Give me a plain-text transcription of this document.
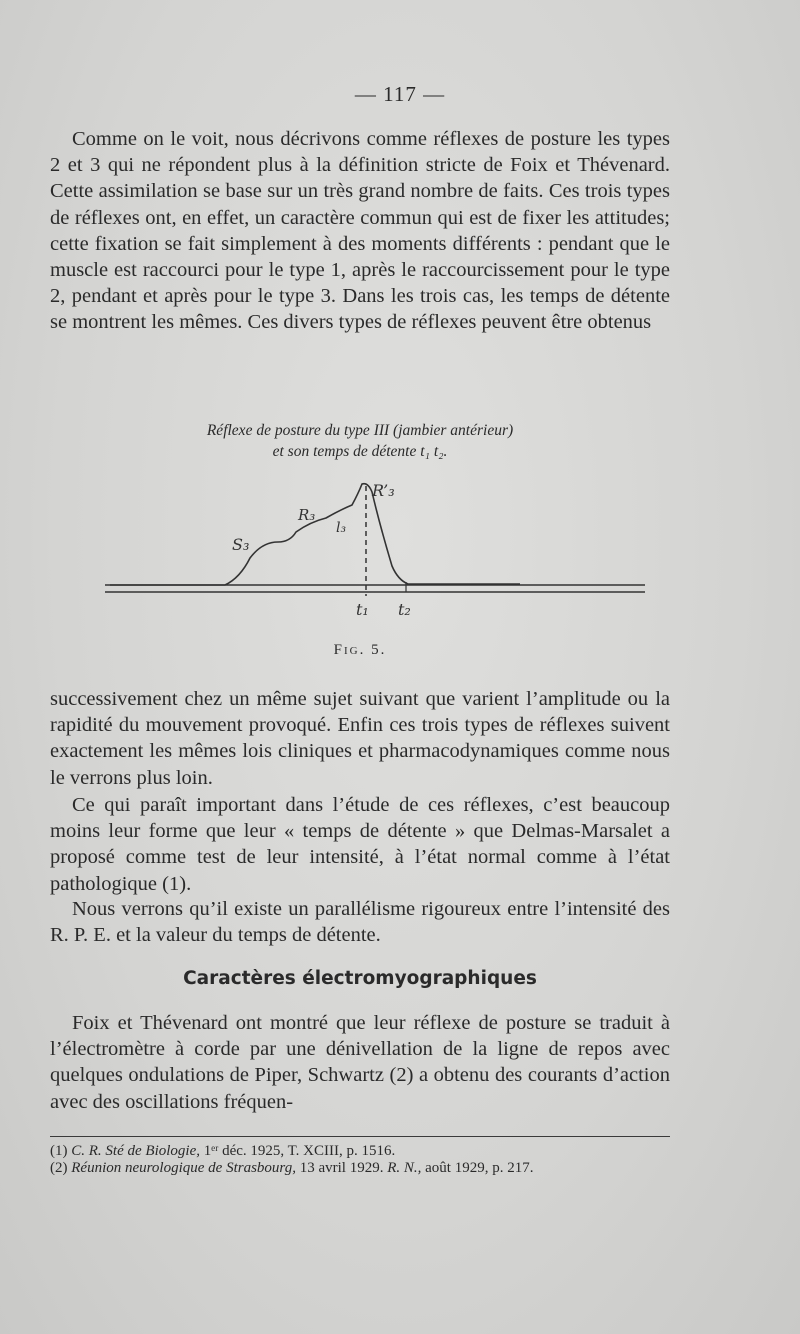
— 117 —

Comme on le voit, nous décrivons comme réflexes de posture les types 2 et 3 qui ne répondent plus à la définition stricte de Foix et Thévenard. Cette assimilation se base sur un très grand nombre de faits. Ces trois types de réflexes ont, en effet, un caractère commun qui est de fixer les attitudes; cette fixation se fait simplement à des moments différents : pendant que le muscle est raccourci pour le type 1, après le raccourcissement pour le type 2, pendant et après pour le type 3. Dans les trois cas, les temps de détente se montrent les mêmes. Ces divers types de réflexes peuvent être obtenus

Réflexe de posture du type III (jambier antérieur)
et son temps de détente t₁ t₂.
S₃
R₃
l₃
R’₃
t₁ t₂
Fig. 5.

successivement chez un même sujet suivant que varient l’amplitude ou la rapidité du mouvement provoqué. Enfin ces trois types de réflexes suivent exactement les mêmes lois cliniques et pharmacodynamiques comme nous le verrons plus loin.

Ce qui paraît important dans l’étude de ces réflexes, c’est beaucoup moins leur forme que leur « temps de détente » que Delmas-Marsalet a proposé comme test de leur intensité, à l’état normal comme à l’état pathologique (1).

Nous verrons qu’il existe un parallélisme rigoureux entre l’intensité des R. P. E. et la valeur du temps de détente.

Caractères électromyographiques

Foix et Thévenard ont montré que leur réflexe de posture se traduit à l’électromètre à corde par une dénivellation de la ligne de repos avec quelques ondulations de Piper, Schwartz (2) a obtenu des courants d’action avec des oscillations fréquen-

(1) C. R. Sté de Biologie, 1ᵉʳ déc. 1925, T. XCIII, p. 1516.

(2) Réunion neurologique de Strasbourg, 13 avril 1929. R. N., août 1929, p. 217.
